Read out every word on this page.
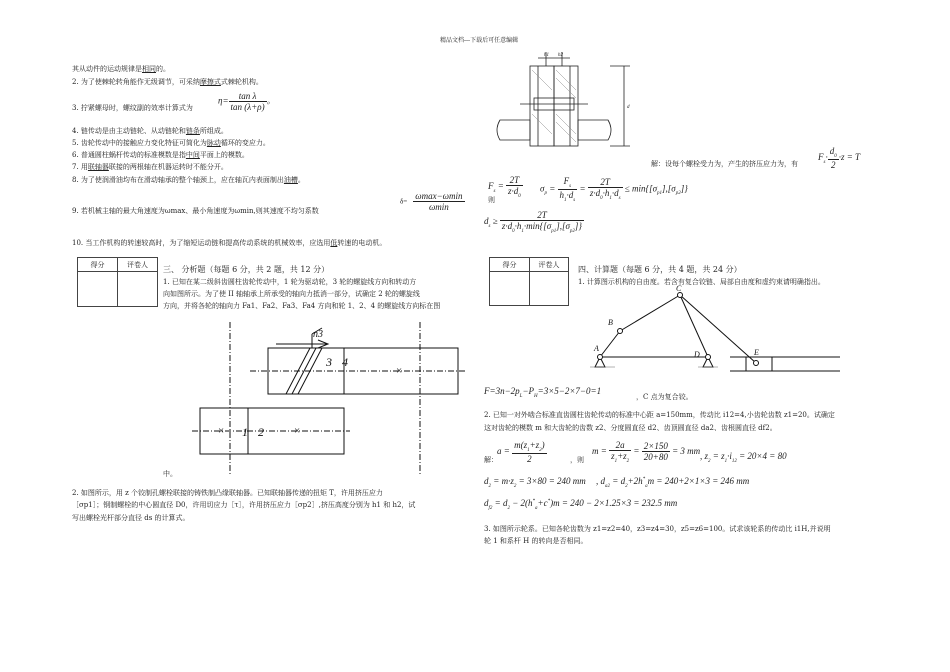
精品文档---下载后可任意编辑
其从动件的运动规律是相同的。
2. 为了使棘轮转角能作无级调节，可采纳摩擦式式棘轮机构。
3. 拧紧螺母时，螺纹副的效率计算式为
$\eta= \frac{\text{tan λ}}{\tan (\lambda+\rho)}$ 。
4. 链传动是由主动链轮、从动链轮和链条所组成。
5. 齿轮传动中的接触应力变化特征可简化为脉动循环的变应力。
6. 普通圆柱蜗杆传动的标准模数是指中间平面上的模数。
7. 用联轴器联接的两根轴在机器运转时不能分开。
8. 为了使润滑油均布在滑动轴承的整个轴颈上，应在轴瓦内表面制出油槽。
9. 若机械主轴的最大角速度为ωmax、最小角速度为ωmin,则其速度不均匀系数
$\delta= \frac{\omega\max-\omega\min}{\omega\min}$
10. 当工作机构的转速较高时，为了缩短运动链和提高传动系统的机械效率，应选用低转速的电动机。
得分	评卷人	三、 分析题（每题 6 分，共 2 题，共 12 分）
1. 已知在某二级斜齿圆柱齿轮传动中，1 轮为驱动轮，3 轮的螺旋线方向和转动方
向如图所示。为了使 II 轴轴承上所承受的轴向力抵消一部分，试确定 2 轮的螺旋线
方向，并将各轮的轴向力 Fa1、Fa2、Fa3、Fa4 方向和轮 1、2、4 的螺旋线方向标在图
n3
3 4
×
× 1 2	×
中。
2. 如图所示，用 z 个铰制孔螺栓联接的铸铁制凸缘联轴器。已知联轴器传递的扭矩 T，许用挤压应力
［σp1］；钢制螺栓的中心圆直径 D0，许用切应力［τ］，许用挤压应力［σp2］,挤压高度分别为 h1 和 h2，试
写出螺栓光杆部分直径 ds 的计算式。
h1 h2
d
解：设每个螺栓受力为，产生的挤压应力为，有
$F_s\cdot \frac{d_0}{2} \cdot z = T$
$F_s = \frac{2T}{z\cdot d_0}$
则
$\sigma_p = \frac{F_s}{h_1\cdot d_s} = \frac{2T}{z\cdot d_0\cdot h_1\cdot d_s} \le \min\{[\sigma_{p1}],[\sigma_{p2}]\}$
$d_s \ge \frac{2T}{z\cdot d_0\cdot h_1\cdot\min\{[\sigma_{p1}],[\sigma_{p2}]\}}$
得分	评卷人	四、计算题（每题 6 分，共 4 题，共 24 分）
1. 计算图示机构的自由度。若含有复合铰链、局部自由度和虚约束请明确指出。
A
B
C
D	E
$F=3n-2p_L-P_H=3\times 5-2\times 7-0=1$
，C 点为复合铰。
2. 已知一对外啮合标准直齿圆柱齿轮传动的标准中心距 a=150mm，传动比 i12=4,小齿轮齿数 z1=20。试确定
这对齿轮的模数 m 和大齿轮的齿数 z2、分度圆直径 d2、齿顶圆直径 da2、齿根圆直径 df2。
解：
$a = \frac{m(z_1+z_2)}{2}$	，则
$m = \frac{2a}{z_1+z_2} = \frac{2\times 150}{20+80} = 3$ mm
, $z_2 = z_1\cdot i_{12} = 20\times 4 = 80$
$d_2 = m\cdot z_2 = 3\times 80 = 240$ mm , $d_{a2} = d_2+2h^*_am = 240+2\times 1\times 3 = 246$ mm
$d_{f2} = d_2 - 2(h^*_a+c^*)m = 240 - 2\times 1.25\times 3 = 232.5$ mm
3. 如图所示轮系。已知各轮齿数为 z1=z2=40，z3=z4=30，z5=z6=100。试求该轮系的传动比 i1H,并说明
轮 1 和系杆 H 的转向是否相同。
